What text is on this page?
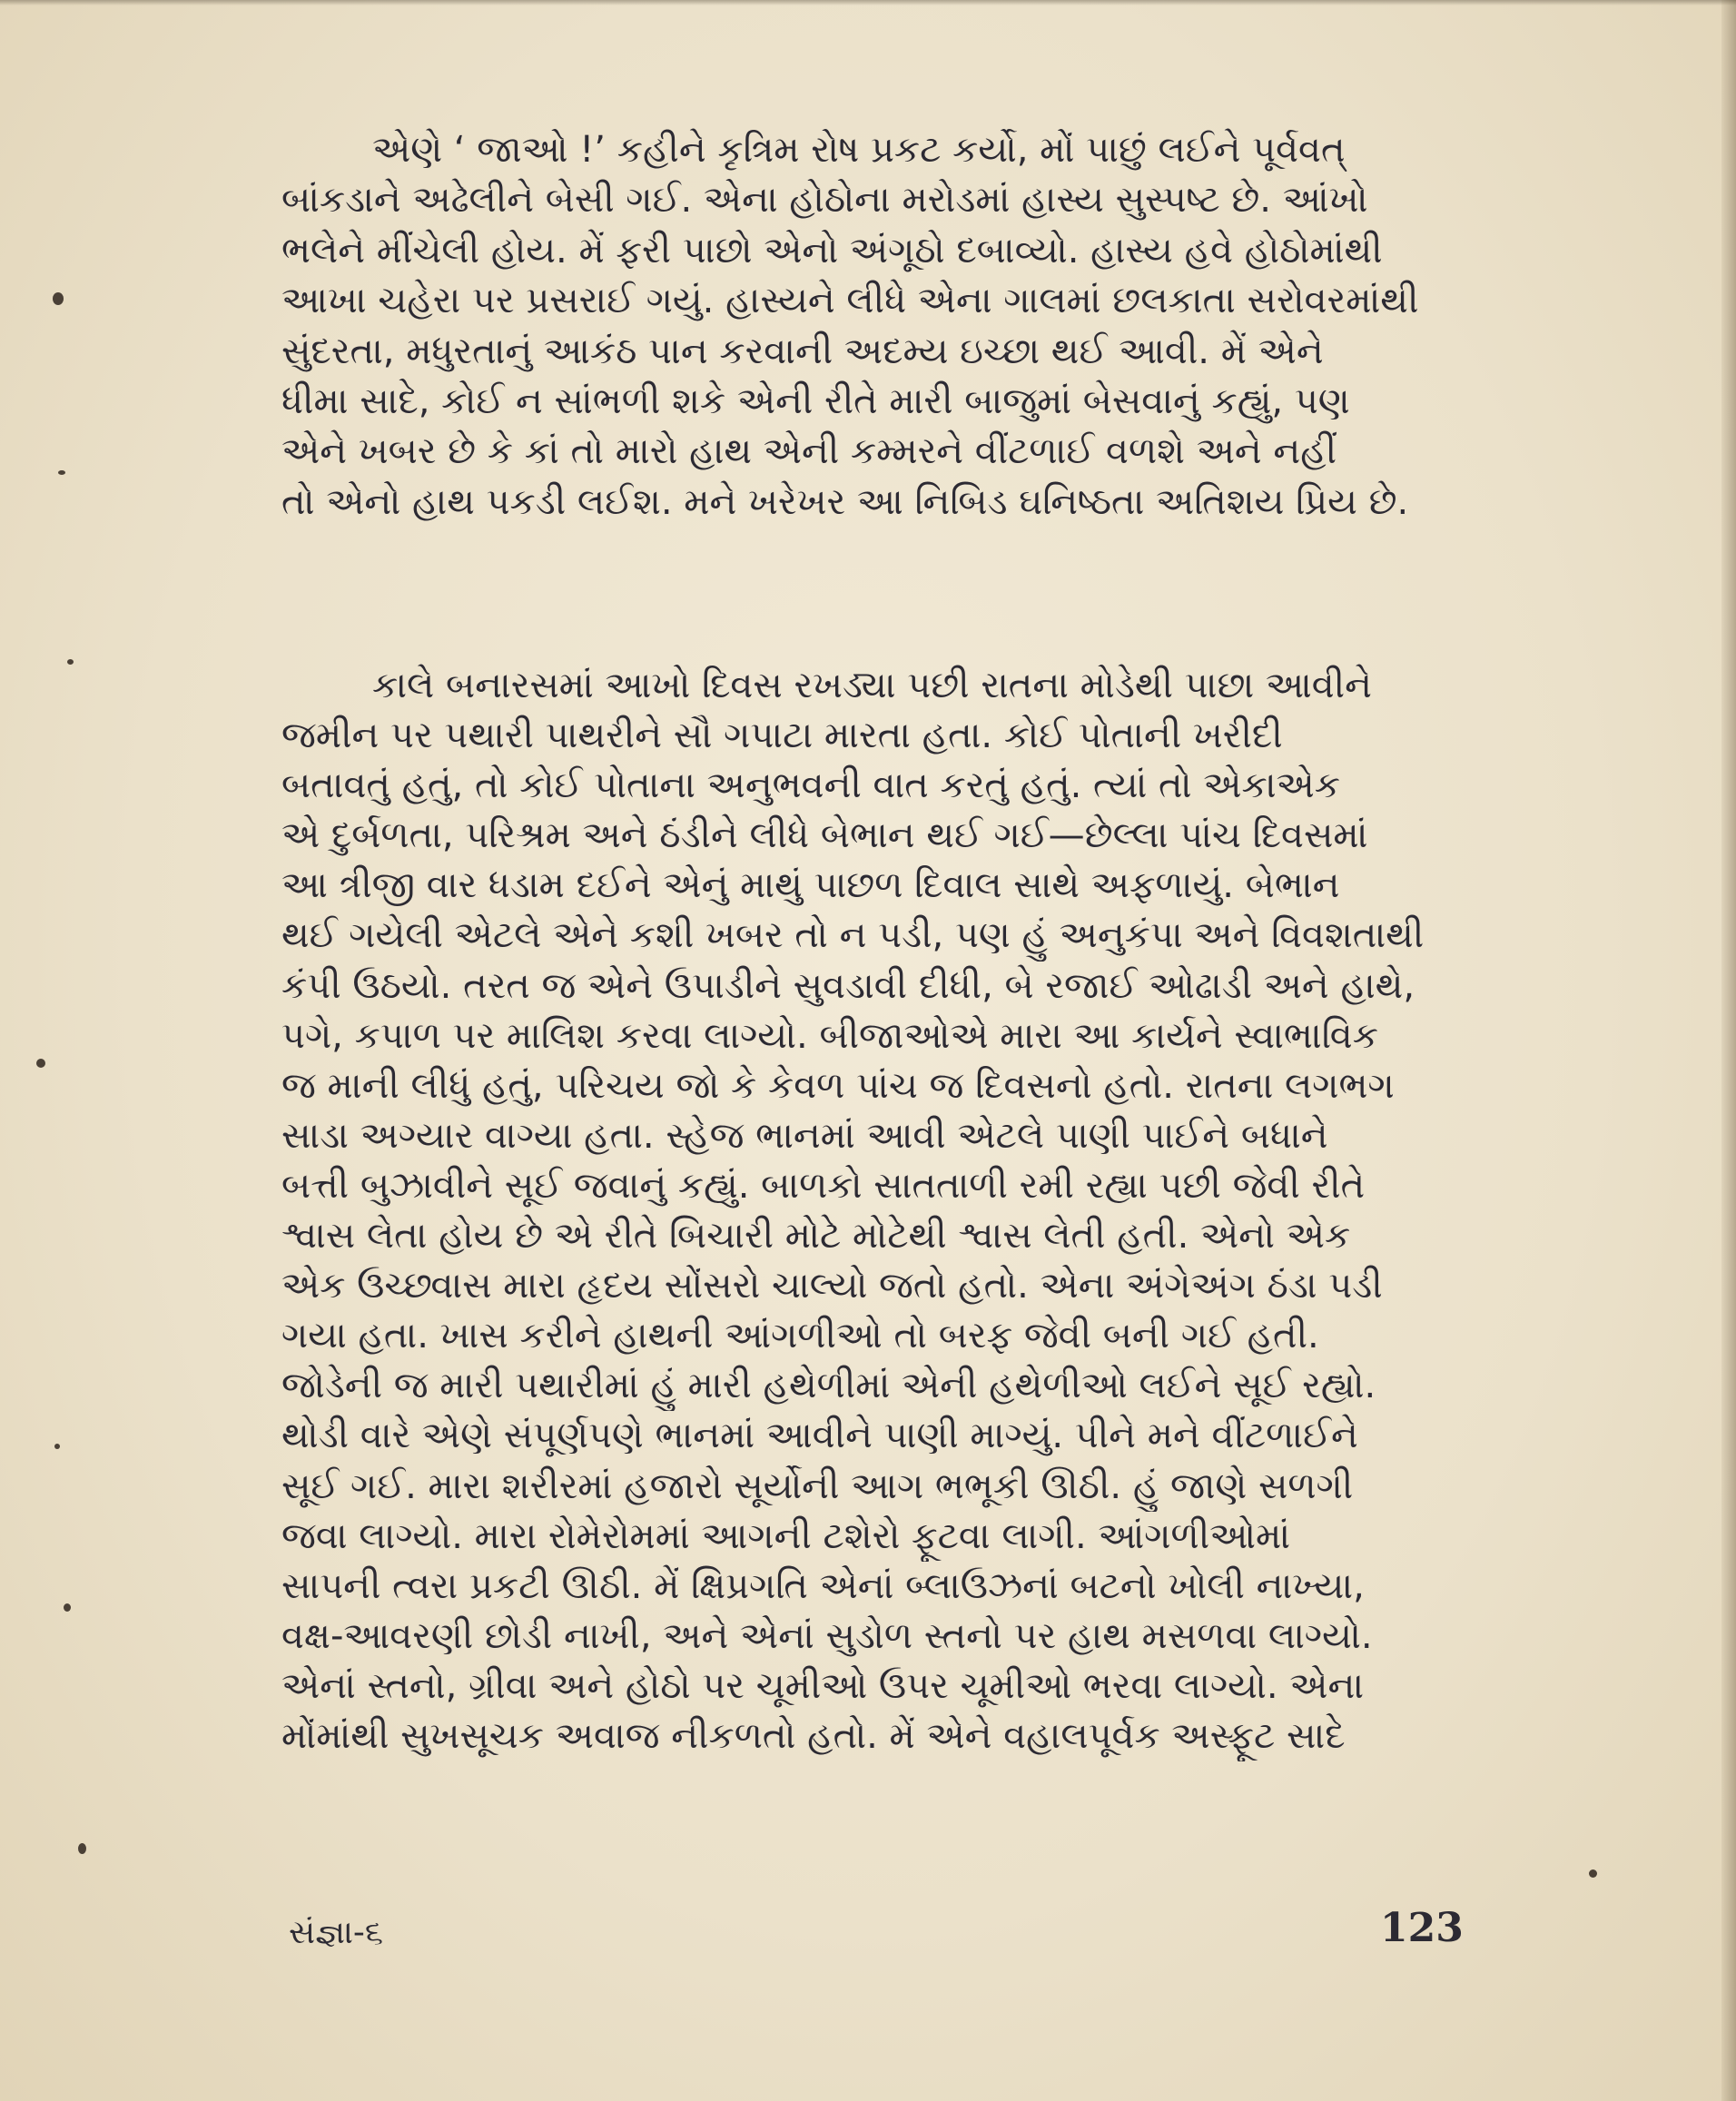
એણે ‘ જાઓ !’ કહીને કૃત્રિમ રોષ પ્રકટ કર્યો, મોં પાછું લઈને પૂર્વવત્
બાંકડાને અઢેલીને બેસી ગઈ. એના હોઠોના મરોડમાં હાસ્ય સુસ્પષ્ટ છે. આંખો
ભલેને મીંચેલી હોય. મેં ફરી પાછો એનો અંગૂઠો દબાવ્યો. હાસ્ય હવે હોઠોમાંથી
આખા ચહેરા પર પ્રસરાઈ ગયું. હાસ્યને લીધે એના ગાલમાં છલકાતા સરોવરમાંથી
સુંદરતા, મધુરતાનું આકંઠ પાન કરવાની અદમ્ય ઇચ્છા થઈ આવી. મેં એને
ધીમા સાદે, કોઈ ન સાંભળી શકે એની રીતે મારી બાજુમાં બેસવાનું કહ્યું, પણ
એને ખબર છે કે કાં તો મારો હાથ એની કમ્મરને વીંટળાઈ વળશે અને નહીં
તો એનો હાથ પકડી લઈશ. મને ખરેખર આ નિબિડ ઘનિષ્ઠતા અતિશય પ્રિય છે.
કાલે બનારસમાં આખો દિવસ રખડ્યા પછી રાતના મોડેથી પાછા આવીને
જમીન પર પથારી પાથરીને સૌ ગપાટા મારતા હતા. કોઈ પોતાની ખરીદી
બતાવતું હતું, તો કોઈ પોતાના અનુભવની વાત કરતું હતું. ત્યાં તો એકાએક
એ દુર્બળતા, પરિશ્રમ અને ઠંડીને લીધે બેભાન થઈ ગઈ—છેલ્લા પાંચ દિવસમાં
આ ત્રીજી વાર ધડામ દઈને એનું માથું પાછળ દિવાલ સાથે અફળાયું. બેભાન
થઈ ગયેલી એટલે એને કશી ખબર તો ન પડી, પણ હું અનુકંપા અને વિવશતાથી
કંપી ઉઠયો. તરત જ એને ઉપાડીને સુવડાવી દીધી, બે રજાઈ ઓઢાડી અને હાથે,
પગે, કપાળ પર માલિશ કરવા લાગ્યો. બીજાઓએ મારા આ કાર્યને સ્વાભાવિક
જ માની લીધું હતું, પરિચય જો કે કેવળ પાંચ જ દિવસનો હતો. રાતના લગભગ
સાડા અગ્યાર વાગ્યા હતા. સ્હેજ ભાનમાં આવી એટલે પાણી પાઈને બધાને
બત્તી બુઝાવીને સૂઈ જવાનું કહ્યું. બાળકો સાતતાળી રમી રહ્યા પછી જેવી રીતે
શ્વાસ લેતા હોય છે એ રીતે બિચારી મોટે મોટેથી શ્વાસ લેતી હતી. એનો એક
એક ઉચ્છ્વાસ મારા હૃદય સોંસરો ચાલ્યો જતો હતો. એના અંગેઅંગ ઠંડા પડી
ગયા હતા. ખાસ કરીને હાથની આંગળીઓ તો બરફ જેવી બની ગઈ હતી.
જોડેની જ મારી પથારીમાં હું મારી હથેળીમાં એની હથેળીઓ લઈને સૂઈ રહ્યો.
થોડી વારે એણે સંપૂર્ણપણે ભાનમાં આવીને પાણી માગ્યું. પીને મને વીંટળાઈને
સૂઈ ગઈ. મારા શરીરમાં હજારો સૂર્યોની આગ ભભૂકી ઊઠી. હું જાણે સળગી
જવા લાગ્યો. મારા રોમેરોમમાં આગની ટશેરો ફૂટવા લાગી. આંગળીઓમાં
સાપની ત્વરા પ્રકટી ઊઠી. મેં ક્ષિપ્રગતિ એનાં બ્લાઉઝનાં બટનો ખોલી નાખ્યા,
વક્ષ-આવરણી છોડી નાખી, અને એનાં સુડોળ સ્તનો પર હાથ મસળવા લાગ્યો.
એનાં સ્તનો, ગ્રીવા અને હોઠો પર ચૂમીઓ ઉપર ચૂમીઓ ભરવા લાગ્યો. એના
મોંમાંથી સુખસૂચક અવાજ નીકળતો હતો. મેં એને વહાલપૂર્વક અસ્ફૂટ સાદે
સંજ્ઞા-૬	123
